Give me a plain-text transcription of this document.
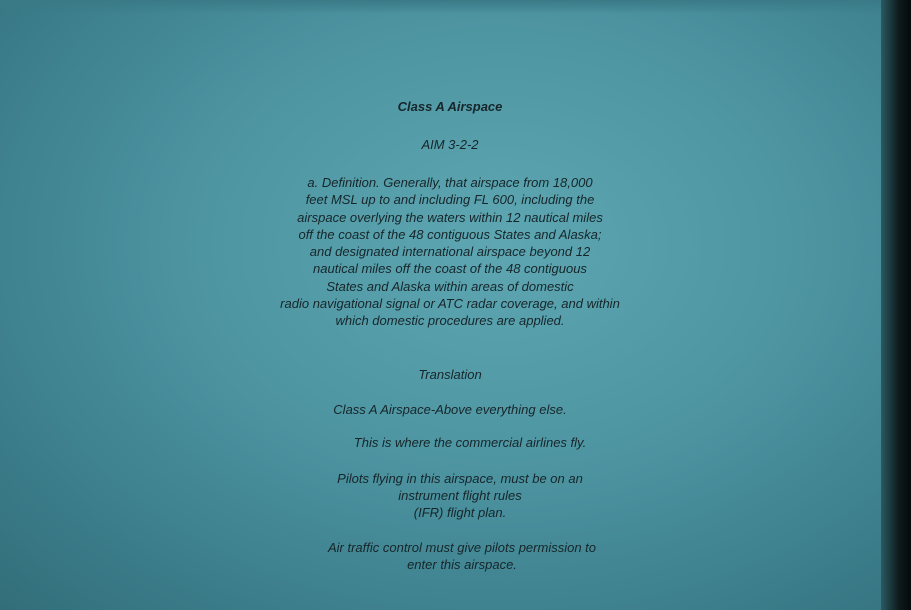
Class A Airspace
AIM 3-2-2
a. Definition. Generally, that airspace from 18,000
feet MSL up to and including FL 600, including the
airspace overlying the waters within 12 nautical miles
off the coast of the 48 contiguous States and Alaska;
and designated international airspace beyond 12
nautical miles off the coast of the 48 contiguous
States and Alaska within areas of domestic
radio navigational signal or ATC radar coverage, and within
which domestic procedures are applied.
Translation
Class A Airspace-Above everything else.
This is where the commercial airlines fly.
Pilots flying in this airspace, must be on an
instrument flight rules
(IFR) flight plan.
Air traffic control must give pilots permission to
enter this airspace.
